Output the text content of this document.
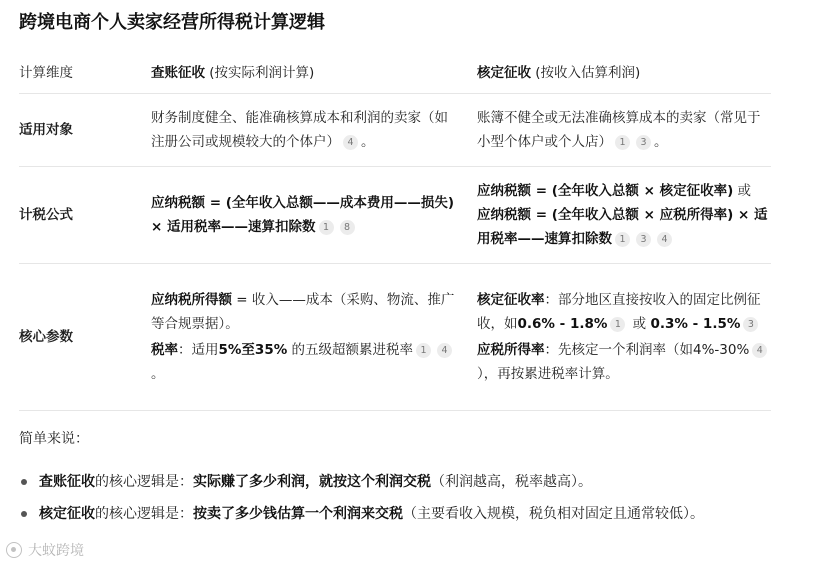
跨境电商个人卖家经营所得税计算逻辑
计算维度	查账征收 (按实际利润计算)	核定征收 (按收入估算利润)
适用对象
财务制度健全、能准确核算成本和利润的卖家（如注册公司或规模较大的个体户） 4 。
账簿不健全或无法准确核算成本的卖家（常见于小型个体户或个人店） 1 3 。
计税公式
应纳税额 = (全年收入总额——成本费用——损失) × 适用税率——速算扣除数 1 8
应纳税额 = (全年收入总额 × 核定征收率) 或
应纳税额 = (全年收入总额 × 应税所得率) × 适用税率——速算扣除数 1 3 4
核心参数
应纳税所得额 = 收入——成本（采购、物流、推广等合规票据）。
税率：适用5%至35% 的五级超额累进税率 1 4。
核定征收率：部分地区直接按收入的固定比例征收，如0.6% - 1.8% 1 或 0.3% - 1.5% 3
应税所得率：先核定一个利润率（如4%-30% 4），再按累进税率计算。
简单来说：
查账征收的核心逻辑是：实际赚了多少利润，就按这个利润交税（利润越高，税率越高）。
核定征收的核心逻辑是：按卖了多少钱估算一个利润来交税（主要看收入规模，税负相对固定且通常较低）。
大蚊跨境
